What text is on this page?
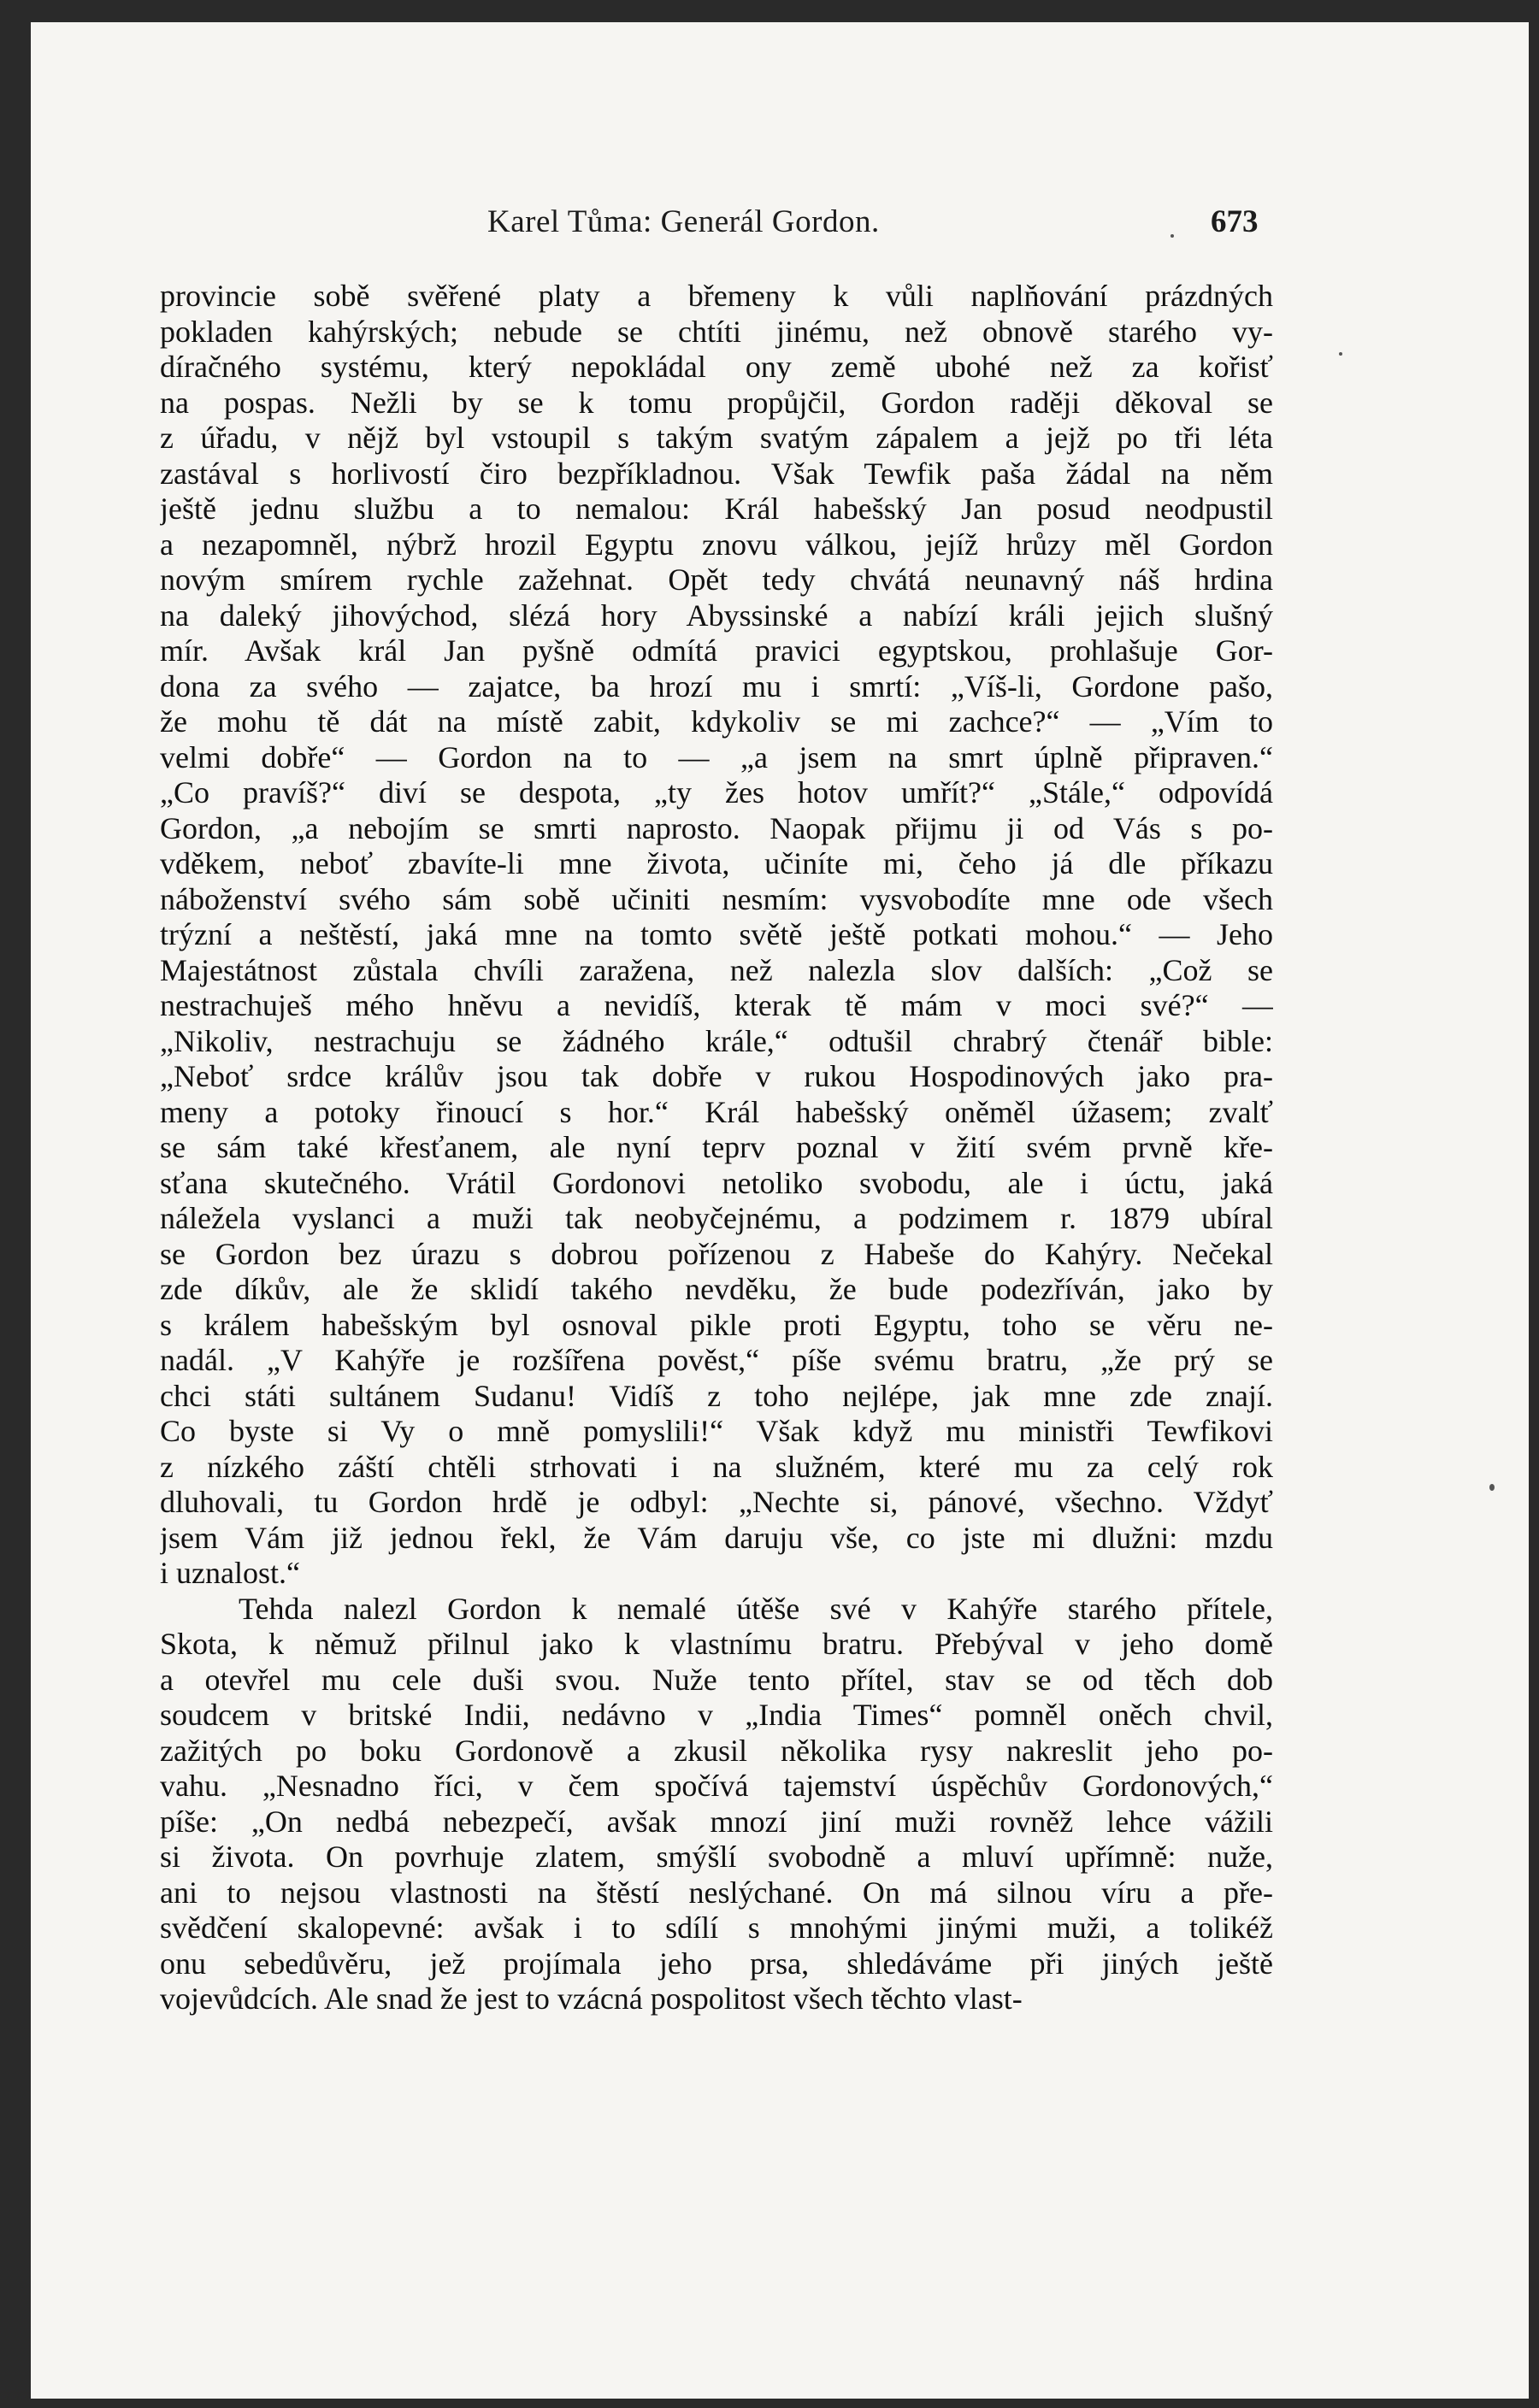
Karel Tůma: Generál Gordon.	673
provincie sobě svěřené platy a břemeny k vůli naplňování prázdných
pokladen kahýrských; nebude se chtíti jinému, než obnově starého vy-
díračného systému, který nepokládal ony země ubohé než za kořisť
na pospas. Nežli by se k tomu propůjčil, Gordon raději děkoval se
z úřadu, v nějž byl vstoupil s takým svatým zápalem a jejž po tři léta
zastával s horlivostí čiro bezpříkladnou. Však Tewfik paša žádal na něm
ještě jednu službu a to nemalou: Král habešský Jan posud neodpustil
a nezapomněl, nýbrž hrozil Egyptu znovu válkou, jejíž hrůzy měl Gordon
novým smírem rychle zažehnat. Opět tedy chvátá neunavný náš hrdina
na daleký jihovýchod, slézá hory Abyssinské a nabízí králi jejich slušný
mír. Avšak král Jan pyšně odmítá pravici egyptskou, prohlašuje Gor-
dona za svého — zajatce, ba hrozí mu i smrtí: „Víš-li, Gordone pašo,
že mohu tě dát na místě zabit, kdykoliv se mi zachce?“ — „Vím to
velmi dobře“ — Gordon na to — „a jsem na smrt úplně připraven.“
„Co pravíš?“ diví se despota, „ty žes hotov umřít?“ „Stále,“ odpovídá
Gordon, „a nebojím se smrti naprosto. Naopak přijmu ji od Vás s po-
vděkem, neboť zbavíte-li mne života, učiníte mi, čeho já dle příkazu
náboženství svého sám sobě učiniti nesmím: vysvobodíte mne ode všech
trýzní a neštěstí, jaká mne na tomto světě ještě potkati mohou.“ — Jeho
Majestátnost zůstala chvíli zaražena, než nalezla slov dalších: „Což se
nestrachuješ mého hněvu a nevidíš, kterak tě mám v moci své?“ —
„Nikoliv, nestrachuju se žádného krále,“ odtušil chrabrý čtenář bible:
„Neboť srdce králův jsou tak dobře v rukou Hospodinových jako pra-
meny a potoky řinoucí s hor.“ Král habešský oněměl úžasem; zvalť
se sám také křesťanem, ale nyní teprv poznal v žití svém prvně kře-
sťana skutečného. Vrátil Gordonovi netoliko svobodu, ale i úctu, jaká
náležela vyslanci a muži tak neobyčejnému, a podzimem r. 1879 ubíral
se Gordon bez úrazu s dobrou pořízenou z Habeše do Kahýry. Nečekal
zde díkův, ale že sklidí takého nevděku, že bude podezříván, jako by
s králem habešským byl osnoval pikle proti Egyptu, toho se věru ne-
nadál. „V Kahýře je rozšířena pověst,“ píše svému bratru, „že prý se
chci státi sultánem Sudanu! Vidíš z toho nejlépe, jak mne zde znají.
Co byste si Vy o mně pomyslili!“ Však když mu ministři Tewfikovi
z nízkého záští chtěli strhovati i na služném, které mu za celý rok
dluhovali, tu Gordon hrdě je odbyl: „Nechte si, pánové, všechno. Vždyť
jsem Vám již jednou řekl, že Vám daruju vše, co jste mi dlužni: mzdu
i uznalost.“
Tehda nalezl Gordon k nemalé útěše své v Kahýře starého přítele,
Skota, k němuž přilnul jako k vlastnímu bratru. Přebýval v jeho domě
a otevřel mu cele duši svou. Nuže tento přítel, stav se od těch dob
soudcem v britské Indii, nedávno v „India Times“ pomněl oněch chvil,
zažitých po boku Gordonově a zkusil několika rysy nakreslit jeho po-
vahu. „Nesnadno říci, v čem spočívá tajemství úspěchův Gordonových,“
píše: „On nedbá nebezpečí, avšak mnozí jiní muži rovněž lehce vážili
si života. On povrhuje zlatem, smýšlí svobodně a mluví upřímně: nuže,
ani to nejsou vlastnosti na štěstí neslýchané. On má silnou víru a pře-
svědčení skalopevné: avšak i to sdílí s mnohými jinými muži, a tolikéž
onu sebedůvěru, jež projímala jeho prsa, shledáváme při jiných ještě
vojevůdcích. Ale snad že jest to vzácná pospolitost všech těchto vlast-
